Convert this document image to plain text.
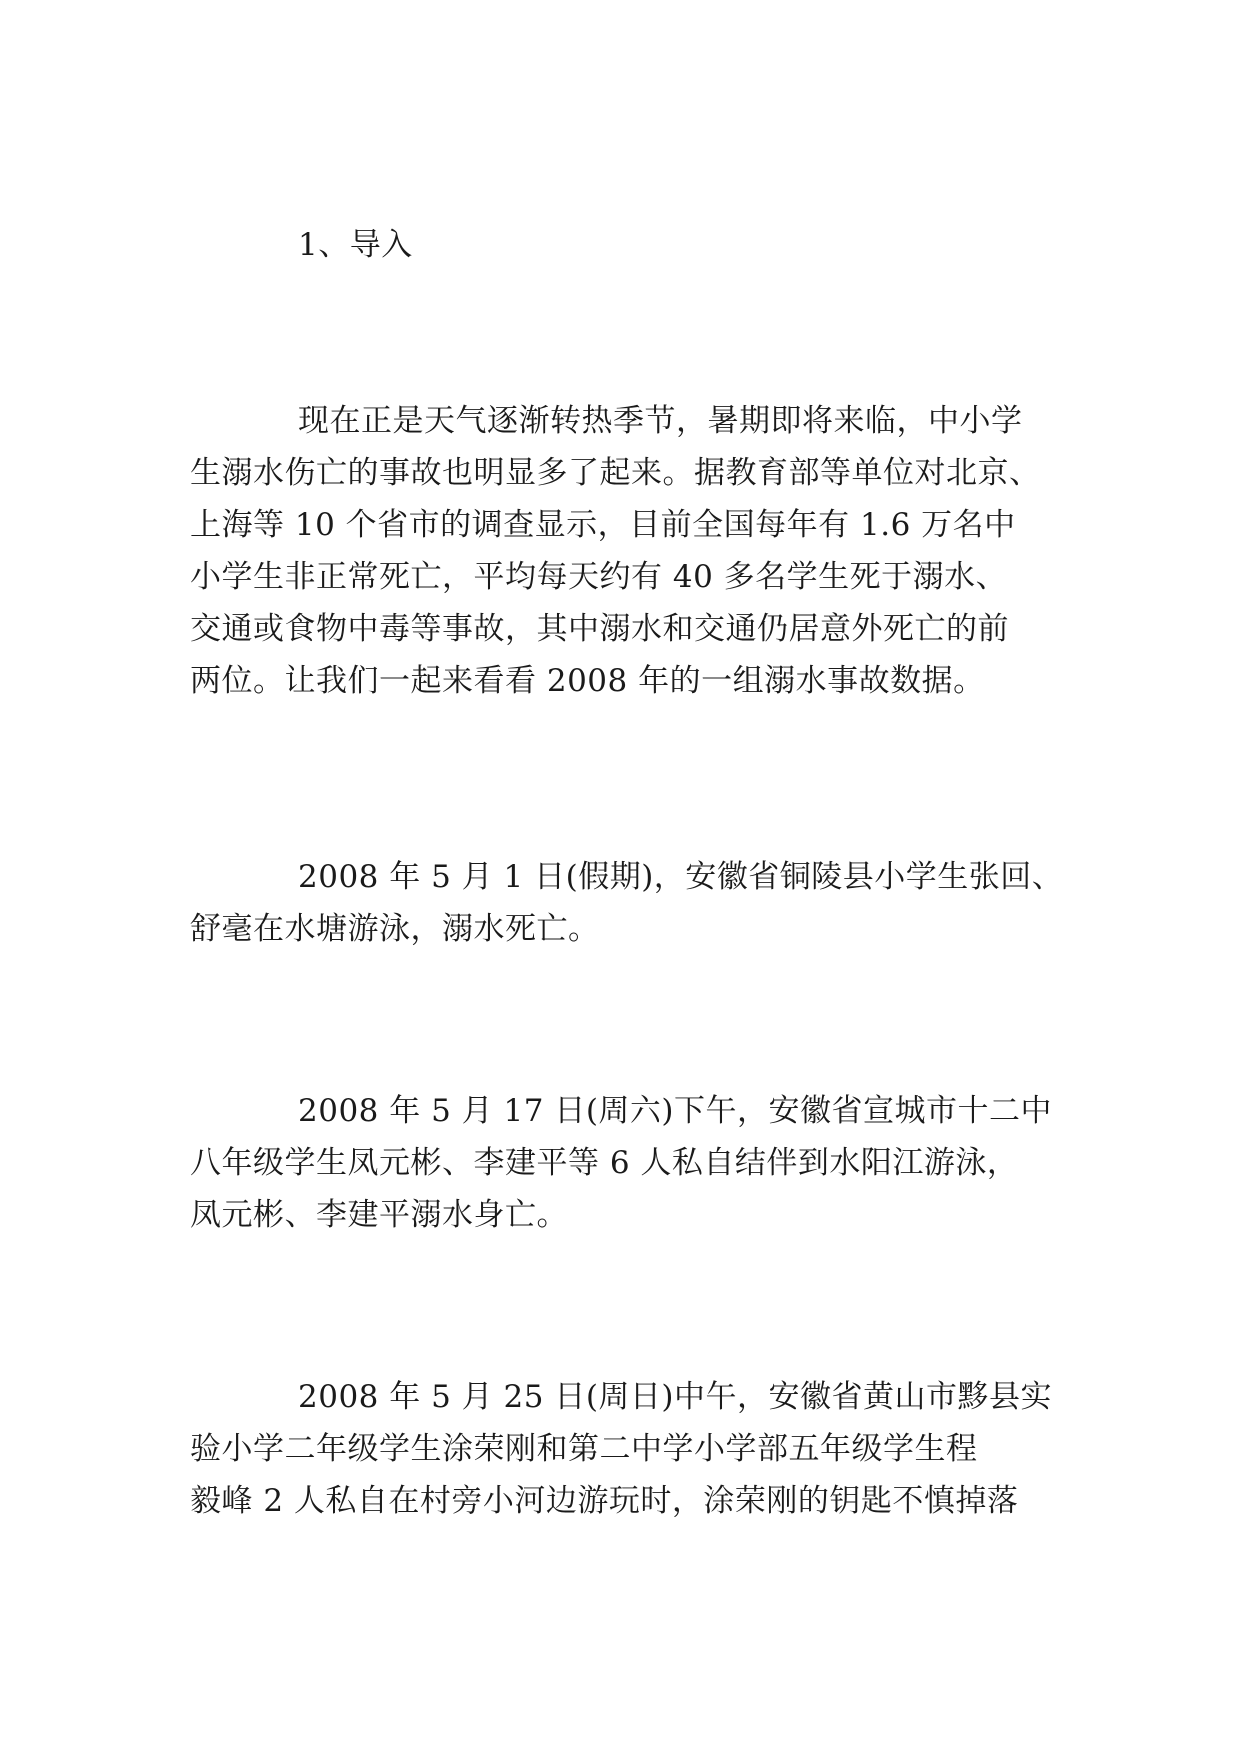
1、导入
现在正是天气逐渐转热季节，暑期即将来临，中小学
生溺水伤亡的事故也明显多了起来。据教育部等单位对北京、
上海等 10 个省市的调查显示，目前全国每年有 1.6 万名中
小学生非正常死亡，平均每天约有 40 多名学生死于溺水、
交通或食物中毒等事故，其中溺水和交通仍居意外死亡的前
两位。让我们一起来看看 2008 年的一组溺水事故数据。
2008 年 5 月 1 日(假期)，安徽省铜陵县小学生张回、
舒毫在水塘游泳，溺水死亡。
2008 年 5 月 17 日(周六)下午，安徽省宣城市十二中
八年级学生凤元彬、李建平等 6 人私自结伴到水阳江游泳，
凤元彬、李建平溺水身亡。
2008 年 5 月 25 日(周日)中午，安徽省黄山市黟县实
验小学二年级学生涂荣刚和第二中学小学部五年级学生程
毅峰 2 人私自在村旁小河边游玩时，涂荣刚的钥匙不慎掉落
